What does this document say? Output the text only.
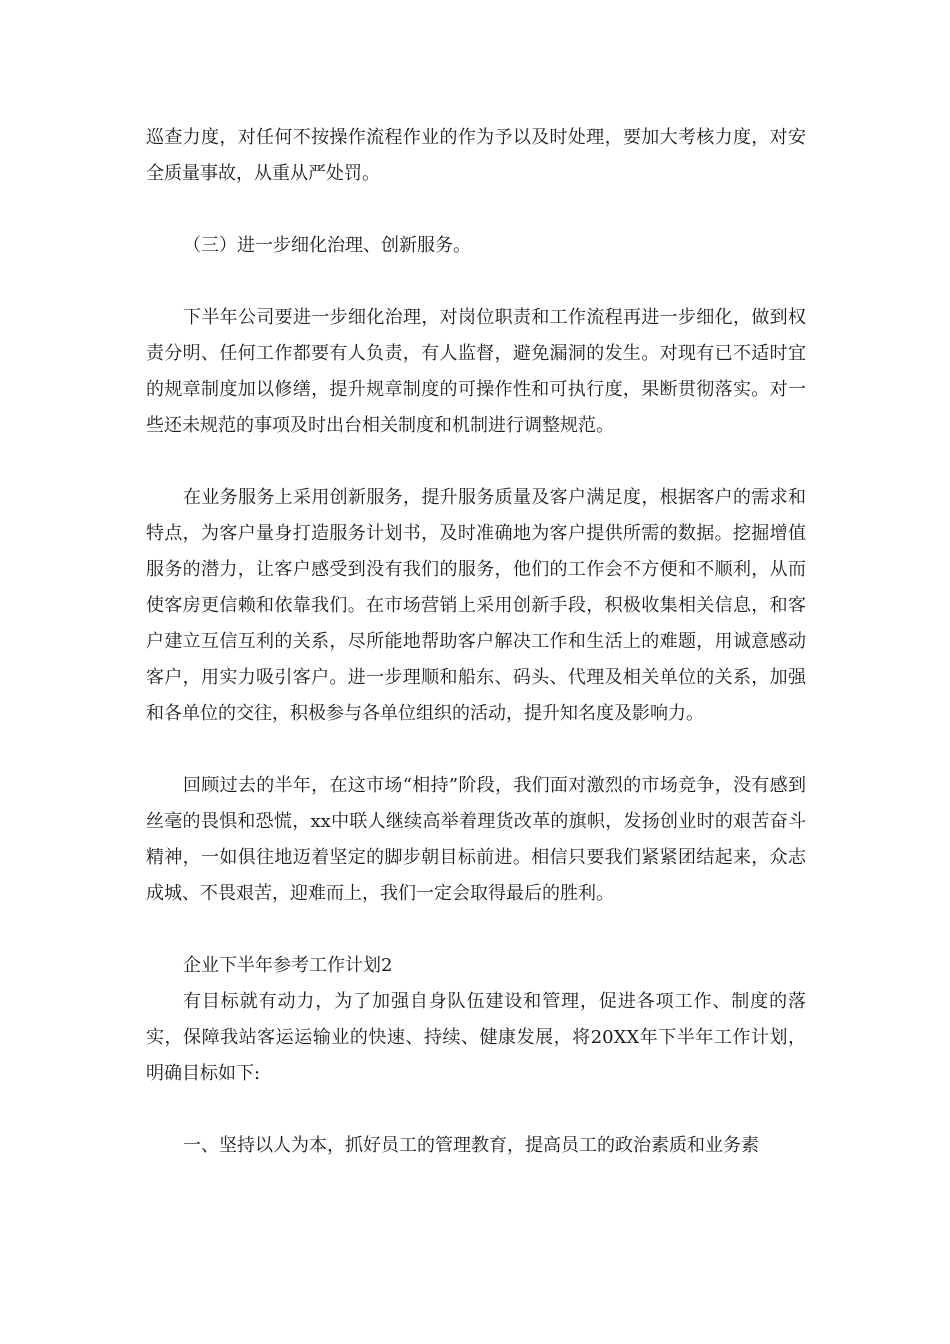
巡查力度，对任何不按操作流程作业的作为予以及时处理，要加大考核力度，对安全质量事故，从重从严处罚。

（三）进一步细化治理、创新服务。

下半年公司要进一步细化治理，对岗位职责和工作流程再进一步细化，做到权责分明、任何工作都要有人负责，有人监督，避免漏洞的发生。对现有已不适时宜的规章制度加以修缮，提升规章制度的可操作性和可执行度，果断贯彻落实。对一些还未规范的事项及时出台相关制度和机制进行调整规范。

在业务服务上采用创新服务，提升服务质量及客户满足度，根据客户的需求和特点，为客户量身打造服务计划书，及时准确地为客户提供所需的数据。挖掘增值服务的潜力，让客户感受到没有我们的服务，他们的工作会不方便和不顺利，从而使客房更信赖和依靠我们。在市场营销上采用创新手段，积极收集相关信息，和客户建立互信互利的关系，尽所能地帮助客户解决工作和生活上的难题，用诚意感动客户，用实力吸引客户。进一步理顺和船东、码头、代理及相关单位的关系，加强和各单位的交往，积极参与各单位组织的活动，提升知名度及影响力。

回顾过去的半年，在这市场“相持”阶段，我们面对激烈的市场竞争，没有感到丝毫的畏惧和恐慌，xx中联人继续高举着理货改革的旗帜，发扬创业时的艰苦奋斗精神，一如俱往地迈着坚定的脚步朝目标前进。相信只要我们紧紧团结起来，众志成城、不畏艰苦，迎难而上，我们一定会取得最后的胜利。

企业下半年参考工作计划2

有目标就有动力，为了加强自身队伍建设和管理，促进各项工作、制度的落实，保障我站客运运输业的快速、持续、健康发展，将20XX年下半年工作计划，明确目标如下:

一、坚持以人为本，抓好员工的管理教育，提高员工的政治素质和业务素
